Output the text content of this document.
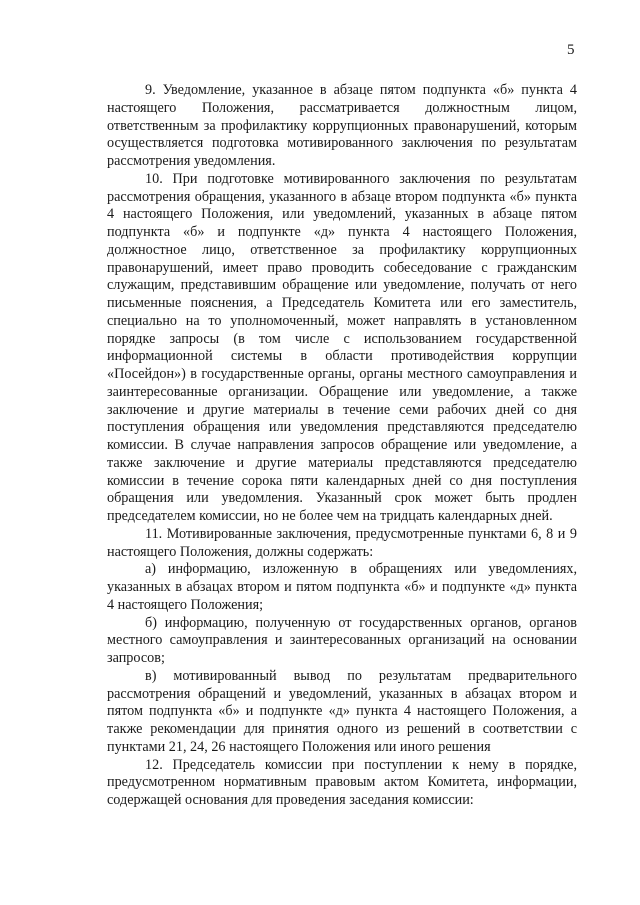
5

9. Уведомление, указанное в абзаце пятом подпункта «б» пункта 4 настоящего Положения, рассматривается должностным лицом, ответственным за профилактику коррупционных правонарушений, которым осуществляется подготовка мотивированного заключения по результатам рассмотрения уведомления.

10. При подготовке мотивированного заключения по результатам рассмотрения обращения, указанного в абзаце втором подпункта «б» пункта 4 настоящего Положения, или уведомлений, указанных в абзаце пятом подпункта «б» и подпункте «д» пункта 4 настоящего Положения, должностное лицо, ответственное за профилактику коррупционных правонарушений, имеет право проводить собеседование с гражданским служащим, представившим обращение или уведомление, получать от него письменные пояснения, а Председатель Комитета или его заместитель, специально на то уполномоченный, может направлять в установленном порядке запросы (в том числе с использованием государственной информационной системы в области противодействия коррупции «Посейдон») в государственные органы, органы местного самоуправления и заинтересованные организации. Обращение или уведомление, а также заключение и другие материалы в течение семи рабочих дней со дня поступления обращения или уведомления представляются председателю комиссии. В случае направления запросов обращение или уведомление, а также заключение и другие материалы представляются председателю комиссии в течение сорока пяти календарных дней со дня поступления обращения или уведомления. Указанный срок может быть продлен председателем комиссии, но не более чем на тридцать календарных дней.

11. Мотивированные заключения, предусмотренные пунктами 6, 8 и 9 настоящего Положения, должны содержать:

а) информацию, изложенную в обращениях или уведомлениях, указанных в абзацах втором и пятом подпункта «б» и подпункте «д» пункта 4 настоящего Положения;

б) информацию, полученную от государственных органов, органов местного самоуправления и заинтересованных организаций на основании запросов;

в) мотивированный вывод по результатам предварительного рассмотрения обращений и уведомлений, указанных в абзацах втором и пятом подпункта «б» и подпункте «д» пункта 4 настоящего Положения, а также рекомендации для принятия одного из решений в соответствии с пунктами 21, 24, 26 настоящего Положения или иного решения

12. Председатель комиссии при поступлении к нему в порядке, предусмотренном нормативным правовым актом Комитета, информации, содержащей основания для проведения заседания комиссии:
